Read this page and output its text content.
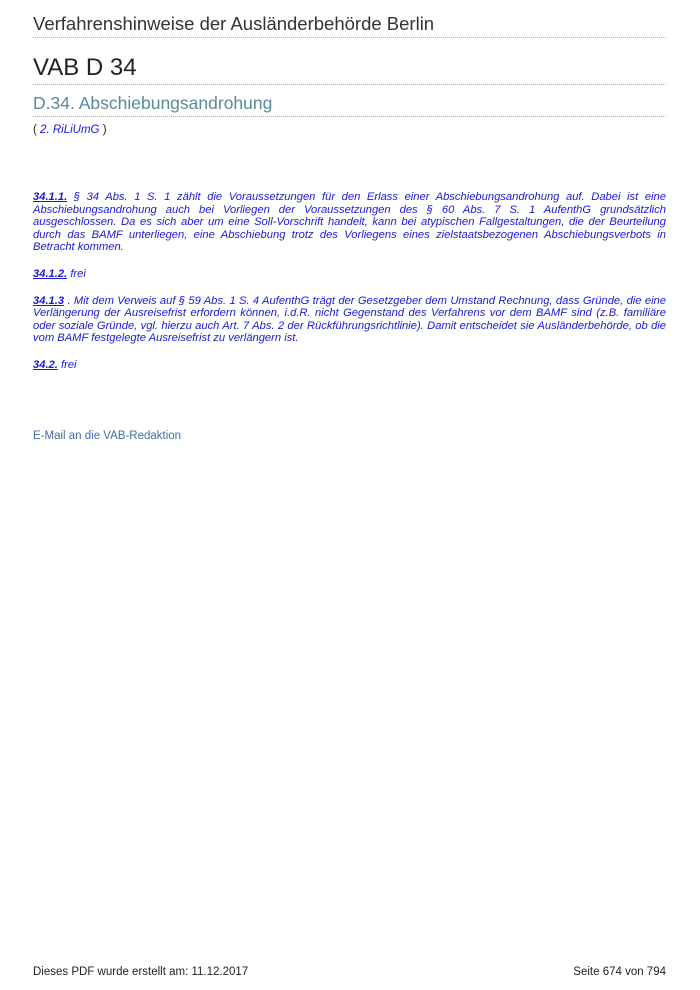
Verfahrenshinweise der Ausländerbehörde Berlin
VAB D 34
D.34. Abschiebungsandrohung
( 2. RiLiUmG )

34.1.1. § 34 Abs. 1 S. 1 zählt die Voraussetzungen für den Erlass einer Abschiebungsandrohung auf. Dabei ist eine Abschiebungsandrohung auch bei Vorliegen der Voraussetzungen des § 60 Abs. 7 S. 1 AufenthG grundsätzlich ausgeschlossen. Da es sich aber um eine Soll-Vorschrift handelt, kann bei atypischen Fallgestaltungen, die der Beurteilung durch das BAMF unterliegen, eine Abschiebung trotz des Vorliegens eines zielstaatsbezogenen Abschiebungsverbots in Betracht kommen.

34.1.2. frei

34.1.3 . Mit dem Verweis auf § 59 Abs. 1 S. 4 AufenthG trägt der Gesetzgeber dem Umstand Rechnung, dass Gründe, die eine Verlängerung der Ausreisefrist erfordern können, i.d.R. nicht Gegenstand des Verfahrens vor dem BAMF sind (z.B. familiäre oder soziale Gründe, vgl. hierzu auch Art. 7 Abs. 2 der Rückführungsrichtlinie). Damit entscheidet sie Ausländerbehörde, ob die vom BAMF festgelegte Ausreisefrist zu verlängern ist.

34.2. frei

E-Mail an die VAB-Redaktion
Dieses PDF wurde erstellt am: 11.12.2017	Seite 674 von 794
